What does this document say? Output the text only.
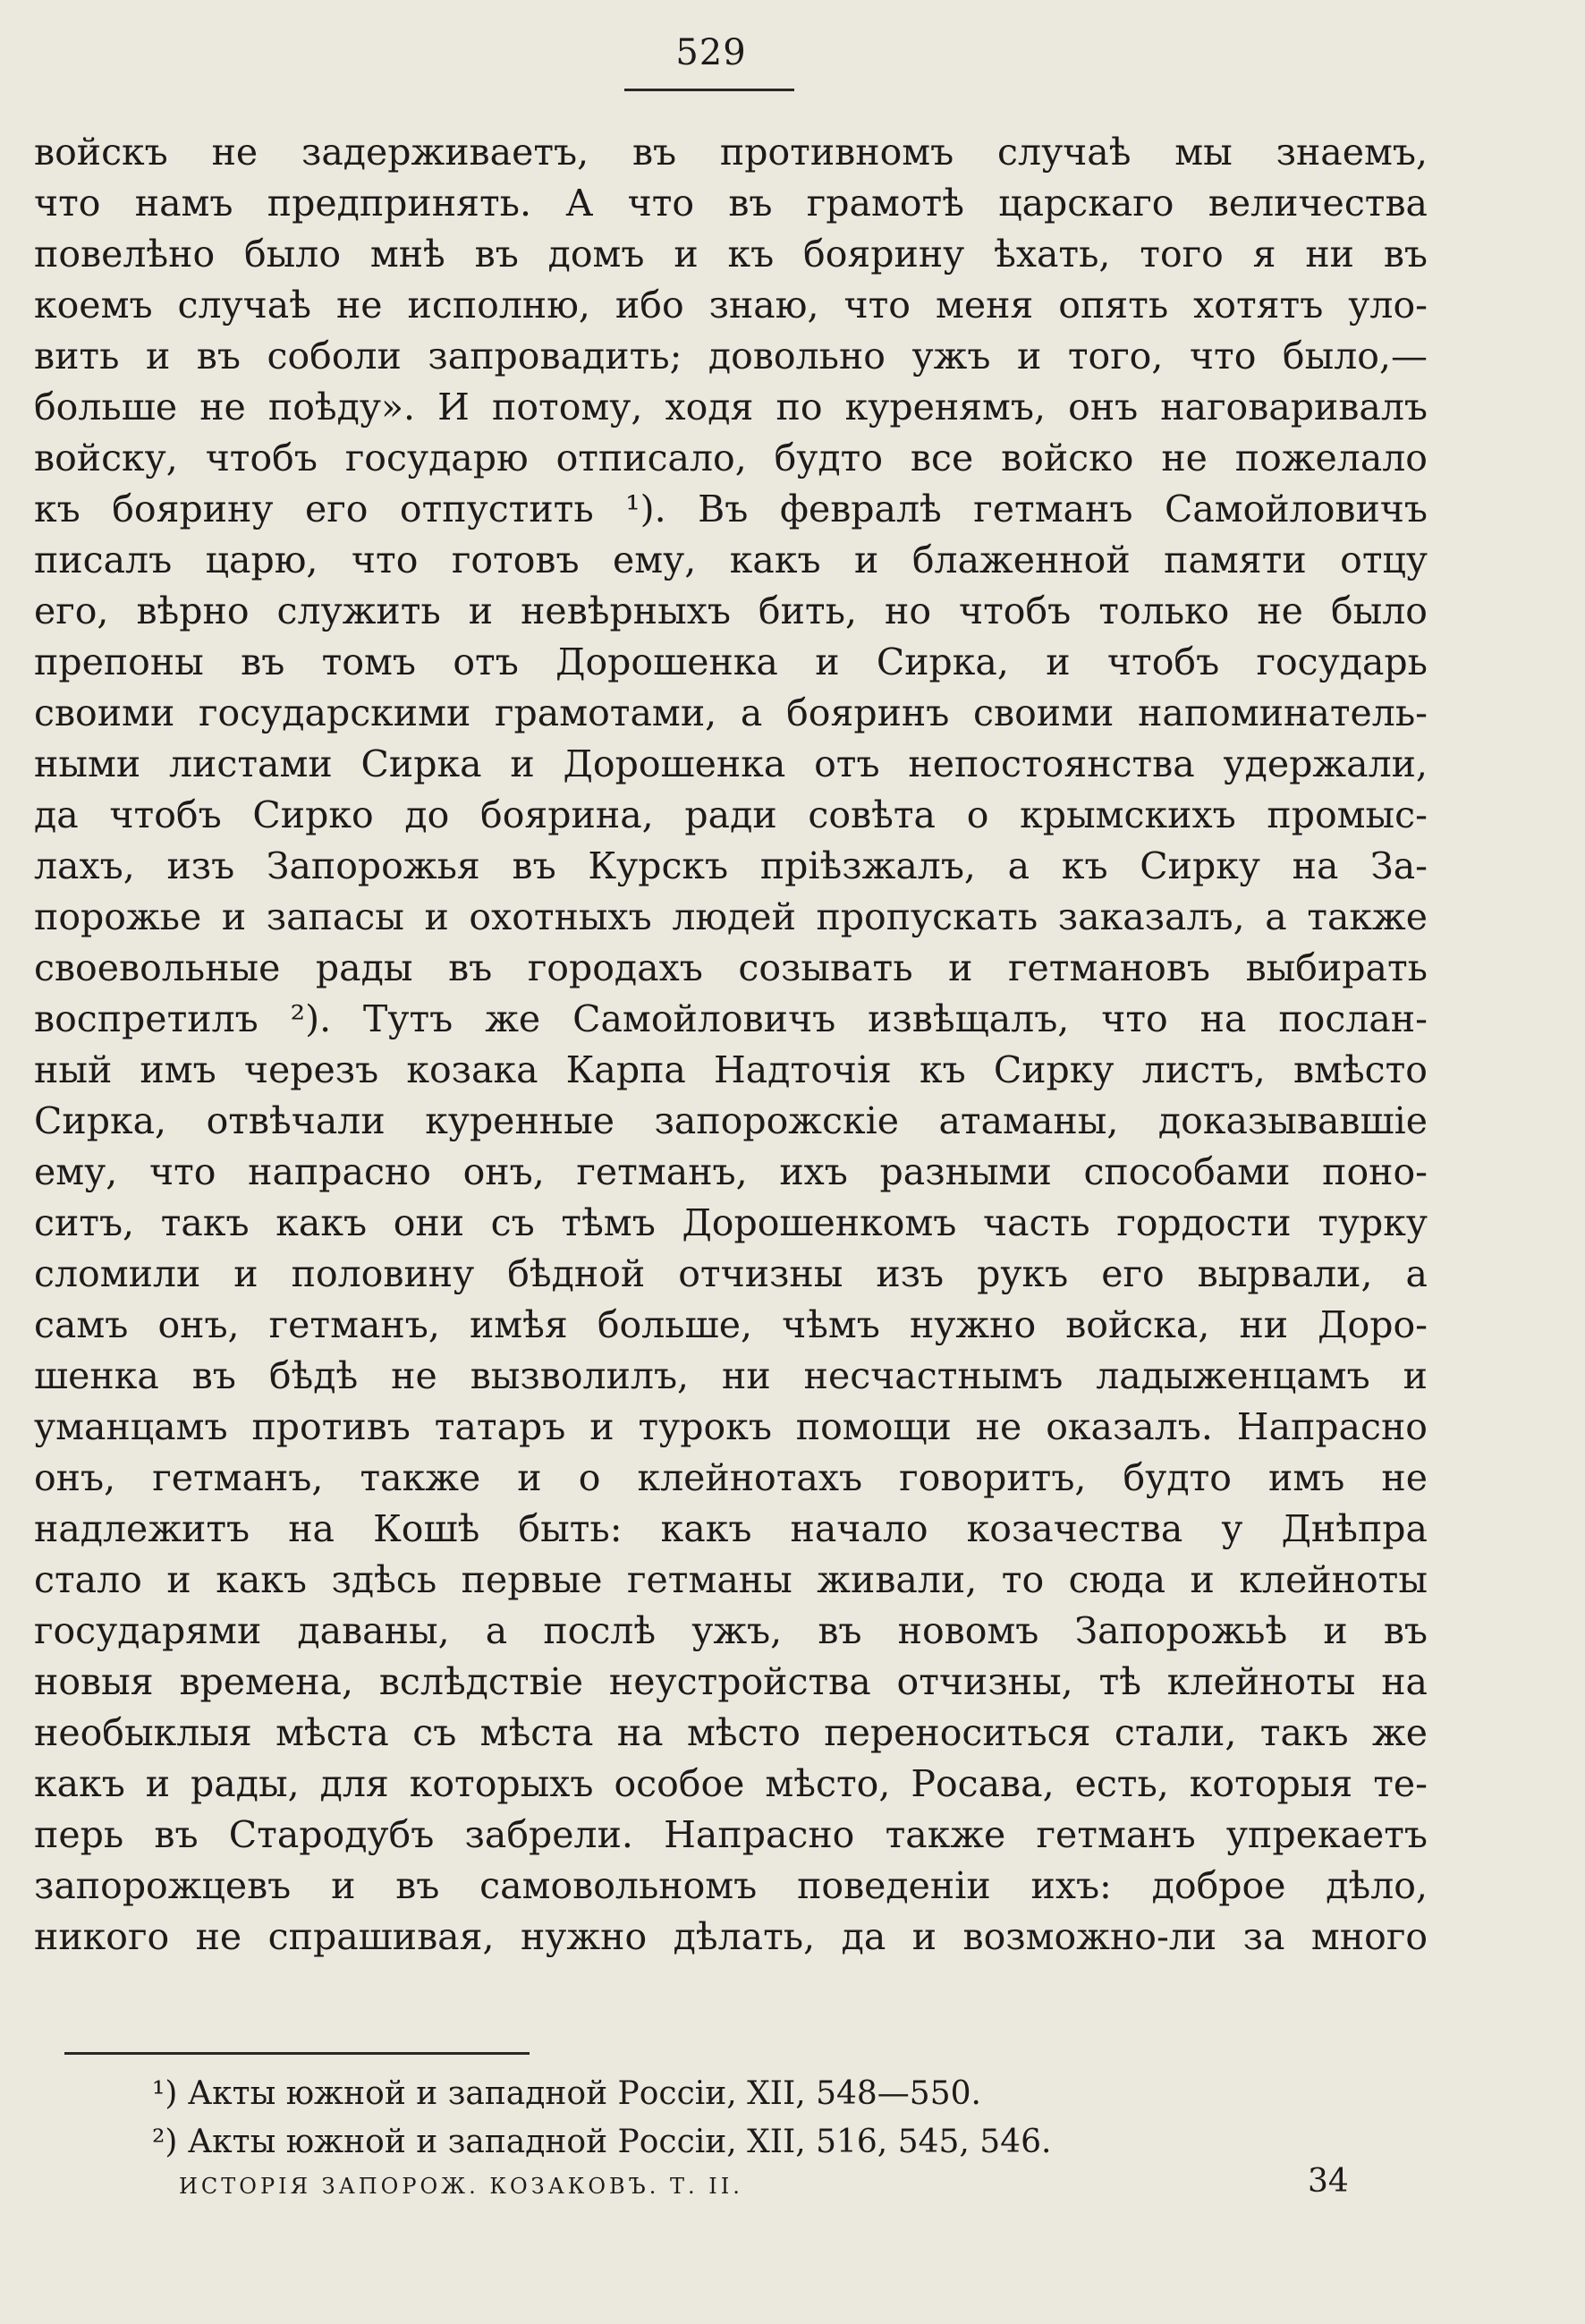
529
войскъ не задерживаетъ, въ противномъ случаѣ мы знаемъ,
что намъ предпринять. А что въ грамотѣ царскаго величества
повелѣно было мнѣ въ домъ и къ боярину ѣхать, того я ни въ
коемъ случаѣ не исполню, ибо знаю, что меня опять хотятъ уло-
вить и въ соболи запровадить; довольно ужъ и того, что было,—
больше не поѣду». И потому, ходя по куренямъ, онъ наговаривалъ
войску, чтобъ государю отписало, будто все войско не пожелало
къ боярину его отпустить ¹). Въ февралѣ гетманъ Самойловичъ
писалъ царю, что готовъ ему, какъ и блаженной памяти отцу
его, вѣрно служить и невѣрныхъ бить, но чтобъ только не было
препоны въ томъ отъ Дорошенка и Сирка, и чтобъ государь
своими государскими грамотами, а бояринъ своими напоминатель-
ными листами Сирка и Дорошенка отъ непостоянства удержали,
да чтобъ Сирко до боярина, ради совѣта о крымскихъ промыс-
лахъ, изъ Запорожья въ Курскъ пріѣзжалъ, а къ Сирку на За-
порожье и запасы и охотныхъ людей пропускать заказалъ, а также
своевольные рады въ городахъ созывать и гетмановъ выбирать
воспретилъ ²). Тутъ же Самойловичъ извѣщалъ, что на послан-
ный имъ черезъ козака Карпа Надточія къ Сирку листъ, вмѣсто
Сирка, отвѣчали куренные запорожскіе атаманы, доказывавшіе
ему, что напрасно онъ, гетманъ, ихъ разными способами поно-
ситъ, такъ какъ они съ тѣмъ Дорошенкомъ часть гордости турку
сломили и половину бѣдной отчизны изъ рукъ его вырвали, а
самъ онъ, гетманъ, имѣя больше, чѣмъ нужно войска, ни Доро-
шенка въ бѣдѣ не вызволилъ, ни несчастнымъ ладыженцамъ и
уманцамъ противъ татаръ и турокъ помощи не оказалъ. Напрасно
онъ, гетманъ, также и о клейнотахъ говоритъ, будто имъ не
надлежитъ на Кошѣ быть: какъ начало козачества у Днѣпра
стало и какъ здѣсь первые гетманы живали, то сюда и клейноты
государями даваны, а послѣ ужъ, въ новомъ Запорожьѣ и въ
новыя времена, вслѣдствіе неустройства отчизны, тѣ клейноты на
необыклыя мѣста съ мѣста на мѣсто переноситься стали, такъ же
какъ и рады, для которыхъ особое мѣсто, Росава, есть, которыя те-
перь въ Стародубъ забрели. Напрасно также гетманъ упрекаетъ
запорожцевъ и въ самовольномъ поведеніи ихъ: доброе дѣло,
никого не спрашивая, нужно дѣлать, да и возможно-ли за много
¹) Акты южной и западной Россіи, XII, 548—550.
²) Акты южной и западной Россіи, XII, 516, 545, 546.
ИСТОРІЯ ЗАПОРОЖ. КОЗАКОВЪ. Т. II.	34
